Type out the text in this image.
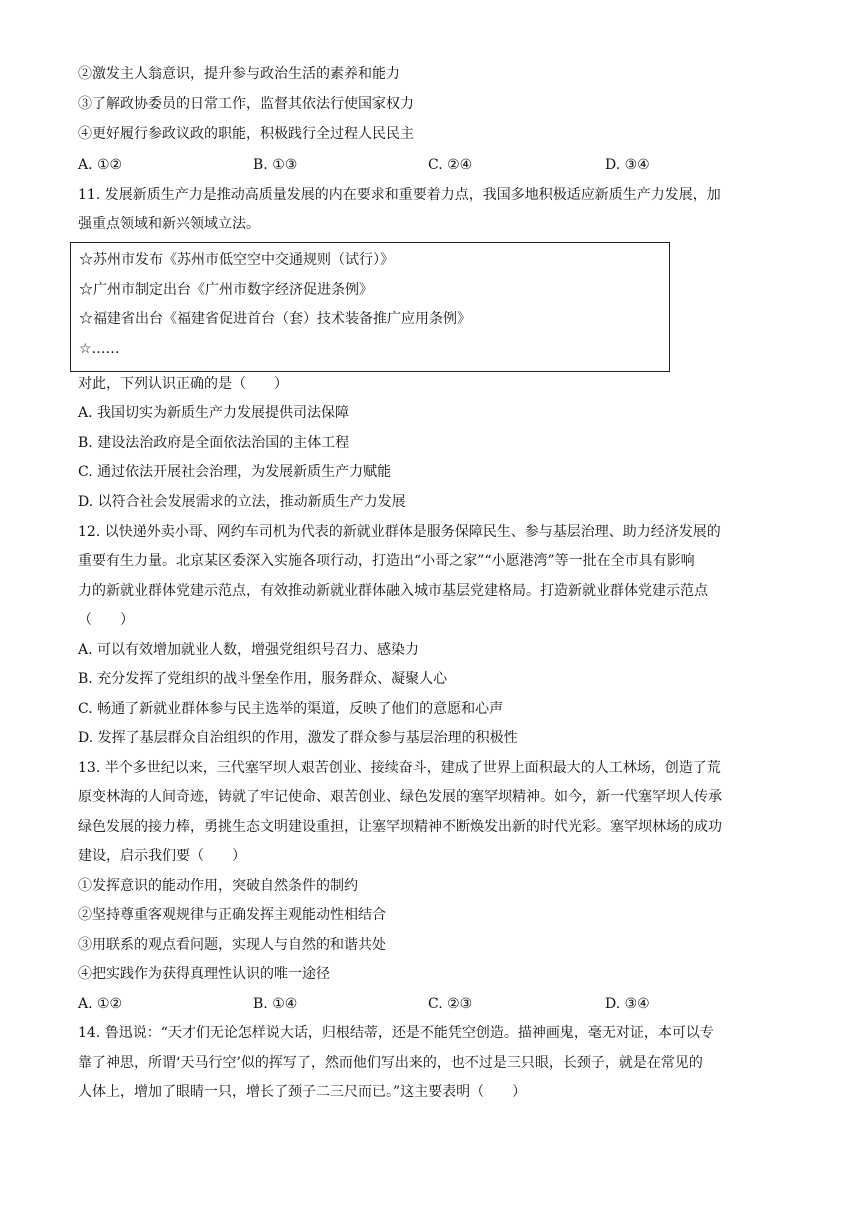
②激发主人翁意识，提升参与政治生活的素养和能力
③了解政协委员的日常工作，监督其依法行使国家权力
④更好履行参政议政的职能，积极践行全过程人民民主
A. ①②	B. ①③	C. ②④	D. ③④
11. 发展新质生产力是推动高质量发展的内在要求和重要着力点，我国多地积极适应新质生产力发展，加
强重点领域和新兴领域立法。
☆苏州市发布《苏州市低空空中交通规则（试行）》
☆广州市制定出台《广州市数字经济促进条例》
☆福建省出台《福建省促进首台（套）技术装备推广应用条例》
☆……
对此，下列认识正确的是（　　）
A. 我国切实为新质生产力发展提供司法保障
B. 建设法治政府是全面依法治国的主体工程
C. 通过依法开展社会治理，为发展新质生产力赋能
D. 以符合社会发展需求的立法，推动新质生产力发展
12. 以快递外卖小哥、网约车司机为代表的新就业群体是服务保障民生、参与基层治理、助力经济发展的
重要有生力量。北京某区委深入实施各项行动，打造出“小哥之家”“小愿港湾”等一批在全市具有影响
力的新就业群体党建示范点，有效推动新就业群体融入城市基层党建格局。打造新就业群体党建示范点
（　　）
A. 可以有效增加就业人数，增强党组织号召力、感染力
B. 充分发挥了党组织的战斗堡垒作用，服务群众、凝聚人心
C. 畅通了新就业群体参与民主选举的渠道，反映了他们的意愿和心声
D. 发挥了基层群众自治组织的作用，激发了群众参与基层治理的积极性
13. 半个多世纪以来，三代塞罕坝人艰苦创业、接续奋斗，建成了世界上面积最大的人工林场，创造了荒
原变林海的人间奇迹，铸就了牢记使命、艰苦创业、绿色发展的塞罕坝精神。如今，新一代塞罕坝人传承
绿色发展的接力棒，勇挑生态文明建设重担，让塞罕坝精神不断焕发出新的时代光彩。塞罕坝林场的成功
建设，启示我们要（　　）
①发挥意识的能动作用，突破自然条件的制约
②坚持尊重客观规律与正确发挥主观能动性相结合
③用联系的观点看问题，实现人与自然的和谐共处
④把实践作为获得真理性认识的唯一途径
A. ①②	B. ①④	C. ②③	D. ③④
14. 鲁迅说：“天才们无论怎样说大话，归根结蒂，还是不能凭空创造。描神画鬼，毫无对证，本可以专
靠了神思，所谓‘天马行空’似的挥写了，然而他们写出来的，也不过是三只眼，长颈子，就是在常见的
人体上，增加了眼睛一只，增长了颈子二三尺而已。”这主要表明（　　）
